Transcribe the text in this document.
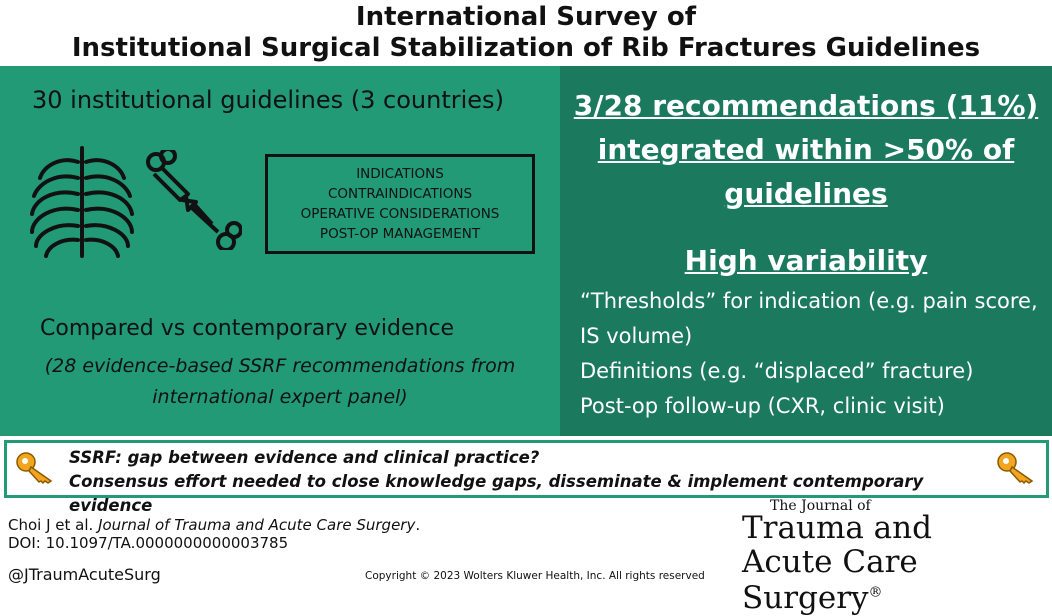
International Survey of
Institutional Surgical Stabilization of Rib Fractures Guidelines
30 institutional guidelines (3 countries)
INDICATIONS
CONTRAINDICATIONS
OPERATIVE CONSIDERATIONS
POST-OP MANAGEMENT
Compared vs contemporary evidence
(28 evidence-based SSRF recommendations from
international expert panel)
3/28 recommendations (11%)
integrated within >50% of
guidelines
High variability
“Thresholds” for indication (e.g. pain score, IS volume)
Definitions (e.g. “displaced” fracture)
Post-op follow-up (CXR, clinic visit)
SSRF: gap between evidence and clinical practice?
Consensus effort needed to close knowledge gaps, disseminate & implement contemporary evidence
Choi J et al. Journal of Trauma and Acute Care Surgery.
DOI: 10.1097/TA.0000000000003785
@JTraumAcuteSurg	Copyright © 2023 Wolters Kluwer Health, Inc. All rights reserved
The Journal of
Trauma and
Acute Care Surgery®
